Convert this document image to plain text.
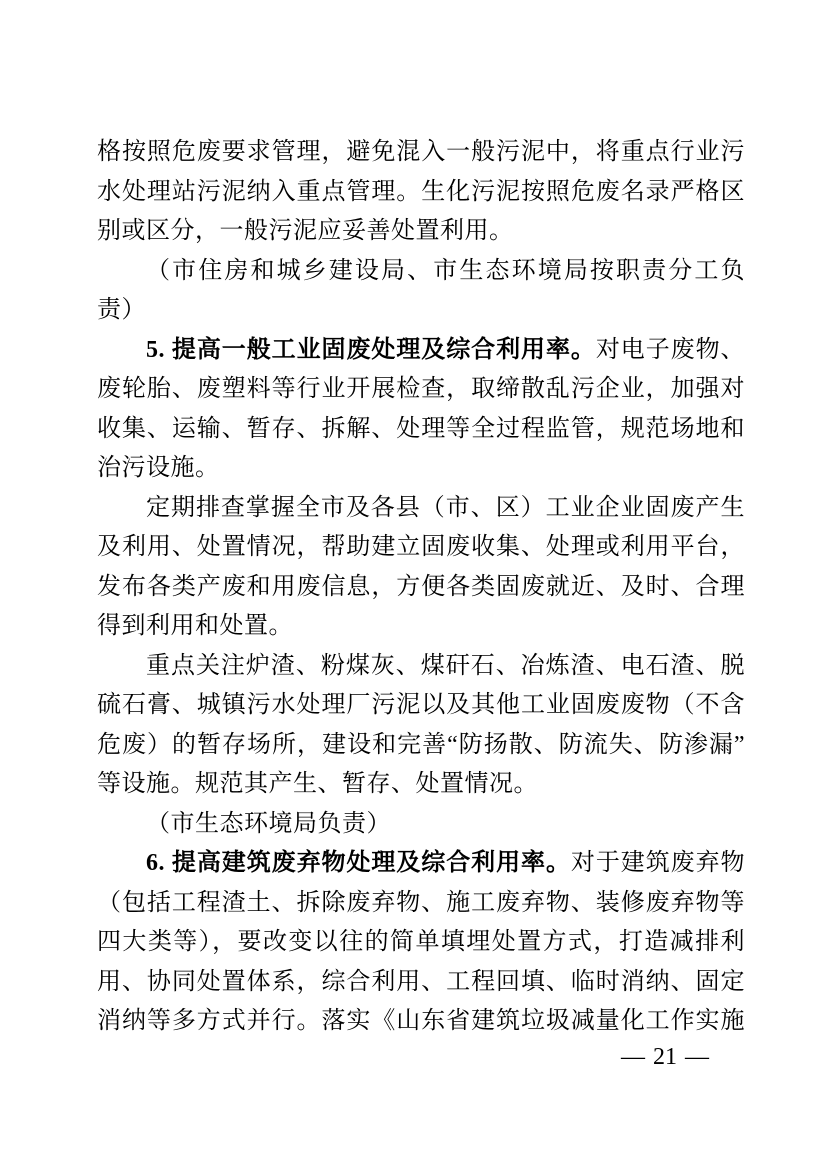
格按照危废要求管理，避免混入一般污泥中，将重点行业污
水处理站污泥纳入重点管理。生化污泥按照危废名录严格区
别或区分，一般污泥应妥善处置利用。
（市住房和城乡建设局、市生态环境局按职责分工负
责）
5. 提高一般工业固废处理及综合利用率。对电子废物、
废轮胎、废塑料等行业开展检查，取缔散乱污企业，加强对
收集、运输、暂存、拆解、处理等全过程监管，规范场地和
治污设施。
定期排查掌握全市及各县（市、区）工业企业固废产生
及利用、处置情况，帮助建立固废收集、处理或利用平台，
发布各类产废和用废信息，方便各类固废就近、及时、合理
得到利用和处置。
重点关注炉渣、粉煤灰、煤矸石、冶炼渣、电石渣、脱
硫石膏、城镇污水处理厂污泥以及其他工业固废废物（不含
危废）的暂存场所，建设和完善“防扬散、防流失、防渗漏”
等设施。规范其产生、暂存、处置情况。
（市生态环境局负责）
6. 提高建筑废弃物处理及综合利用率。对于建筑废弃物
（包括工程渣土、拆除废弃物、施工废弃物、装修废弃物等
四大类等），要改变以往的简单填埋处置方式，打造减排利
用、协同处置体系，综合利用、工程回填、临时消纳、固定
消纳等多方式并行。落实《山东省建筑垃圾减量化工作实施
— 21 —
